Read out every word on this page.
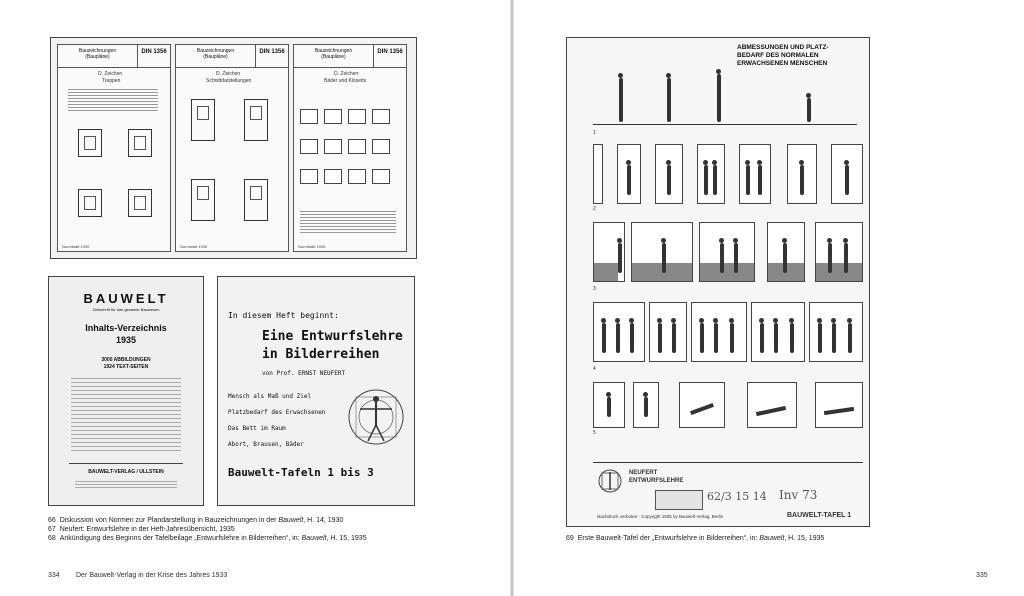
Bauzeichnungen
(Baupläne)
DIN 1356
D. Zeichen
Treppen
Normblatt 1930
Bauzeichnungen
(Baupläne)
DIN 1356
D. Zeichen
Schnittdarstellungen
Normblatt 1930
Bauzeichnungen
(Baupläne)
DIN 1356
D. Zeichen
Bäder und Klosetts
Normblatt 1930
BAUWELT
Zeitschrift für das gesamte Bauwesen
Inhalts-Verzeichnis
1935
3000 ABBILDUNGEN
1924 TEXT-SEITEN
BAUWELT-VERLAG / ULLSTEIN
In diesem Heft beginnt:
Eine Entwurfslehre
in Bilderreihen
von Prof. ERNST NEUFERT
Mensch als Maß und Ziel
Platzbedarf des Erwachsenen
Das Bett im Raum
Abort, Brausen, Bäder
Bauwelt-Tafeln 1 bis 3
66 Diskussion von Normen zur Plandarstellung in Bauzeichnungen in der Bauwelt, H. 14, 1930
67 Neufert: Entwurfslehre in der Heft-Jahresübersicht, 1935
68 Ankündigung des Beginns der Tafelbeilage „Entwurfslehre in Bilderreihen“, in: Bauwelt, H. 15, 1935
334 Der Bauwelt-Verlag in der Krise des Jahres 1933
ABMESSUNGEN UND PLATZ-
BEDARF DES NORMALEN
ERWACHSENEN MENSCHEN
1
2
3
4
5
NEUFERT
ENTWURFSLEHRE
62/3 15 14 Inv 73
Nachdruck verboten · Copyright 1935 by Bauwelt-Verlag, Berlin	BAUWELT-TAFEL 1
69 Erste Bauwelt-Tafel der „Entwurfslehre in Bilderreihen“, in: Bauwelt, H. 15, 1935
335
